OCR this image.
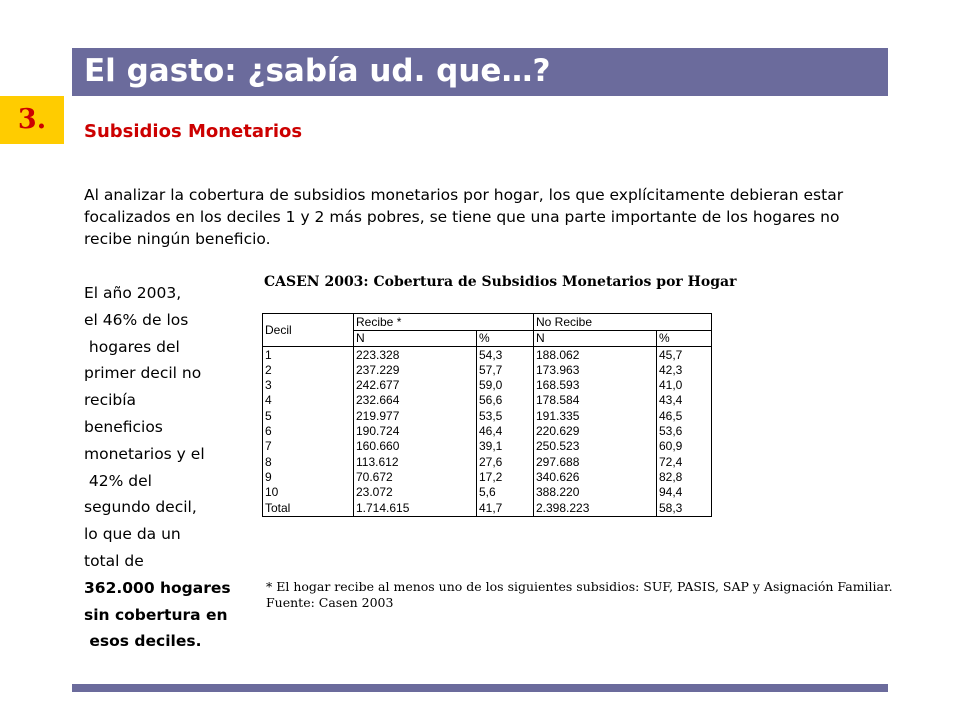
El gasto: ¿sabía ud. que…?
3.	Subsidios Monetarios
Al analizar la cobertura de subsidios monetarios por hogar, los que explícitamente debieran estar focalizados en los deciles 1 y 2 más pobres, se tiene que una parte importante de los hogares no recibe ningún beneficio.
El año 2003,
el 46% de los
hogares del
primer decil no
recibía
beneficios
monetarios y el
42% del
segundo decil,
lo que da un
total de
362.000 hogares
sin cobertura en
esos deciles.
CASEN 2003: Cobertura de Subsidios Monetarios por Hogar
Decil	Recibe *		No Recibe	
	N	%	N	%
1	223.328	54,3	188.062	45,7
2	237.229	57,7	173.963	42,3
3	242.677	59,0	168.593	41,0
4	232.664	56,6	178.584	43,4
5	219.977	53,5	191.335	46,5
6	190.724	46,4	220.629	53,6
7	160.660	39,1	250.523	60,9
8	113.612	27,6	297.688	72,4
9	70.672	17,2	340.626	82,8
10	23.072	5,6	388.220	94,4
Total	1.714.615	41,7	2.398.223	58,3
* El hogar recibe al menos uno de los siguientes subsidios: SUF, PASIS, SAP y Asignación Familiar.
Fuente: Casen 2003
